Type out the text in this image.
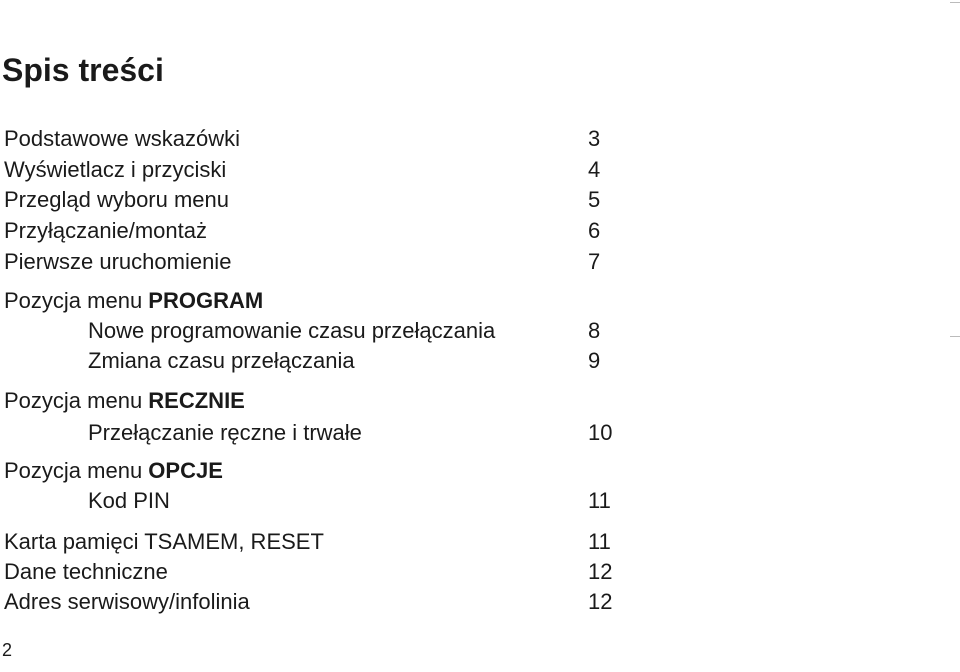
Spis treści
Podstawowe wskazówki	3
Wyświetlacz i przyciski	4
Przegląd wyboru menu	5
Przyłączanie/montaż	6
Pierwsze uruchomienie	7
Pozycja menu PROGRAM
Nowe programowanie czasu przełączania	8
Zmiana czasu przełączania	9
Pozycja menu RECZNIE
Przełączanie ręczne i trwałe	10
Pozycja menu OPCJE
Kod PIN	11
Karta pamięci TSAMEM, RESET	11
Dane techniczne	12
Adres serwisowy/infolinia	12
2
